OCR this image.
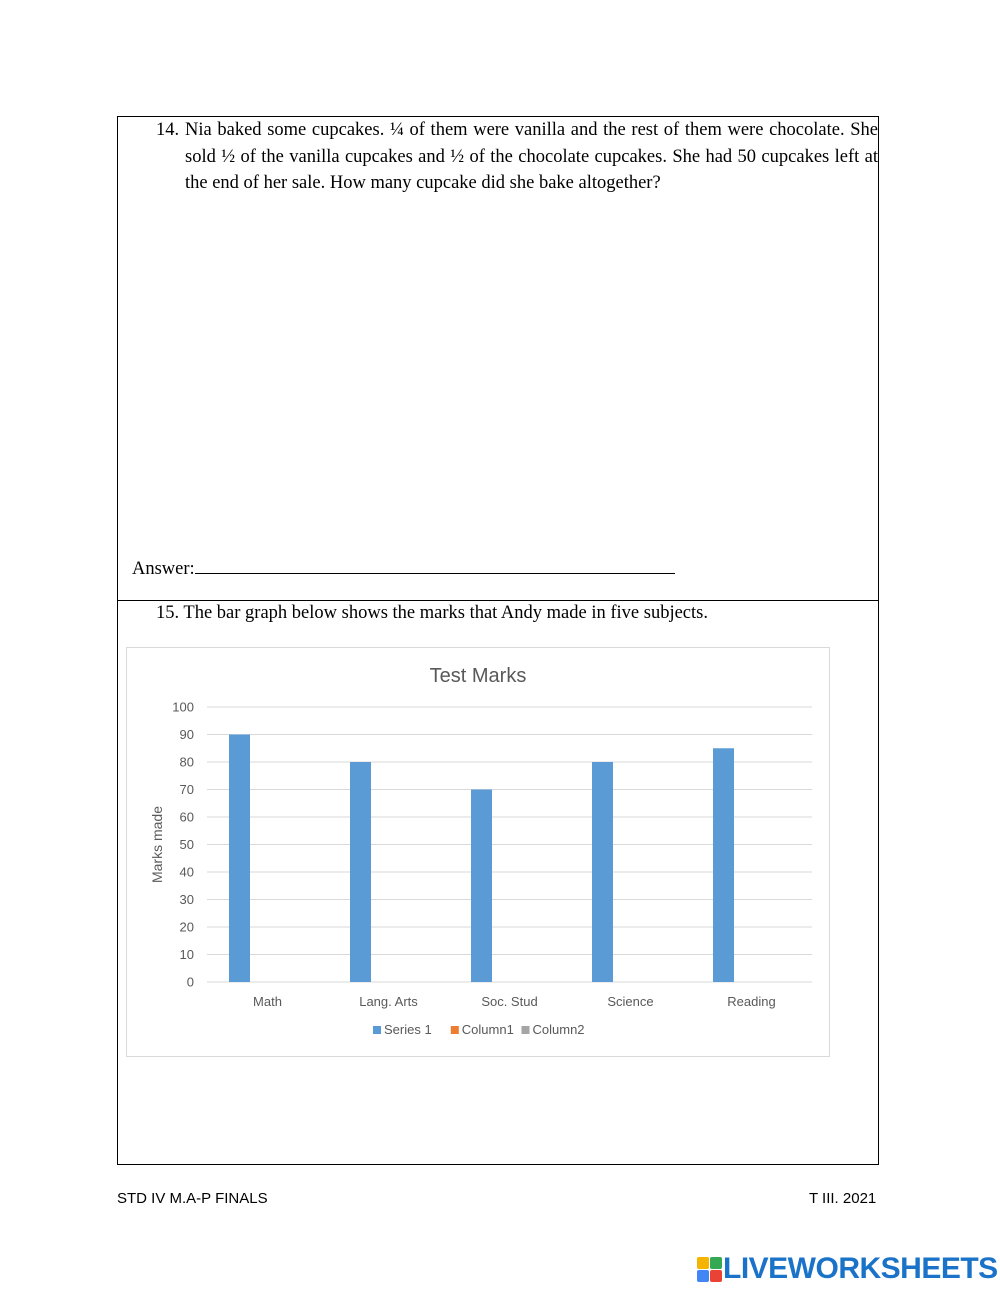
14. Nia baked some cupcakes. ¼ of them were vanilla and the rest of them were chocolate. She sold ½ of the vanilla cupcakes and ½ of the chocolate cupcakes. She had 50 cupcakes left at the end of her sale. How many cupcake did she bake altogether?
Answer:
15. The bar graph below shows the marks that Andy made in five subjects.
Test Marks
0
10
20
30
40
50
60
70
80
90
100
Marks made
Math	Lang. Arts	Soc. Stud	Science	Reading
Series 1 Column1 Column2
STD IV M.A-P FINALS	T III. 2021
LIVEWORKSHEETS
